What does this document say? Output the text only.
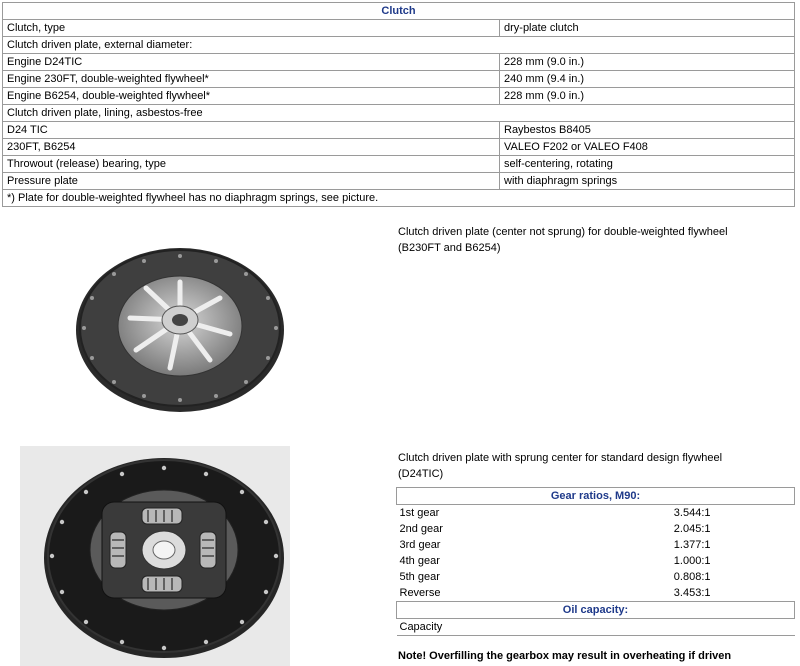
Clutch	
Clutch, type	dry-plate clutch
Clutch driven plate, external diameter:	
Engine D24TIC	228 mm (9.0 in.)
Engine 230FT, double-weighted flywheel*	240 mm (9.4 in.)
Engine B6254, double-weighted flywheel*	228 mm (9.0 in.)
Clutch driven plate, lining, asbestos-free	
D24 TIC	Raybestos B8405
230FT, B6254	VALEO F202 or VALEO F408
Throwout (release) bearing, type	self-centering, rotating
Pressure plate	with diaphragm springs
*) Plate for double-weighted flywheel has no diaphragm springs, see picture.	
Clutch driven plate (center not sprung) for double-weighted flywheel
(B230FT and B6254)
Clutch driven plate with sprung center for standard design flywheel
(D24TIC)
Gear ratios, M90:	
1st gear	3.544:1
2nd gear	2.045:1
3rd gear	1.377:1
4th gear	1.000:1
5th gear	0.808:1
Reverse	3.453:1
Oil capacity:	
Capacity	
Note! Overfilling the gearbox may result in overheating if driven
